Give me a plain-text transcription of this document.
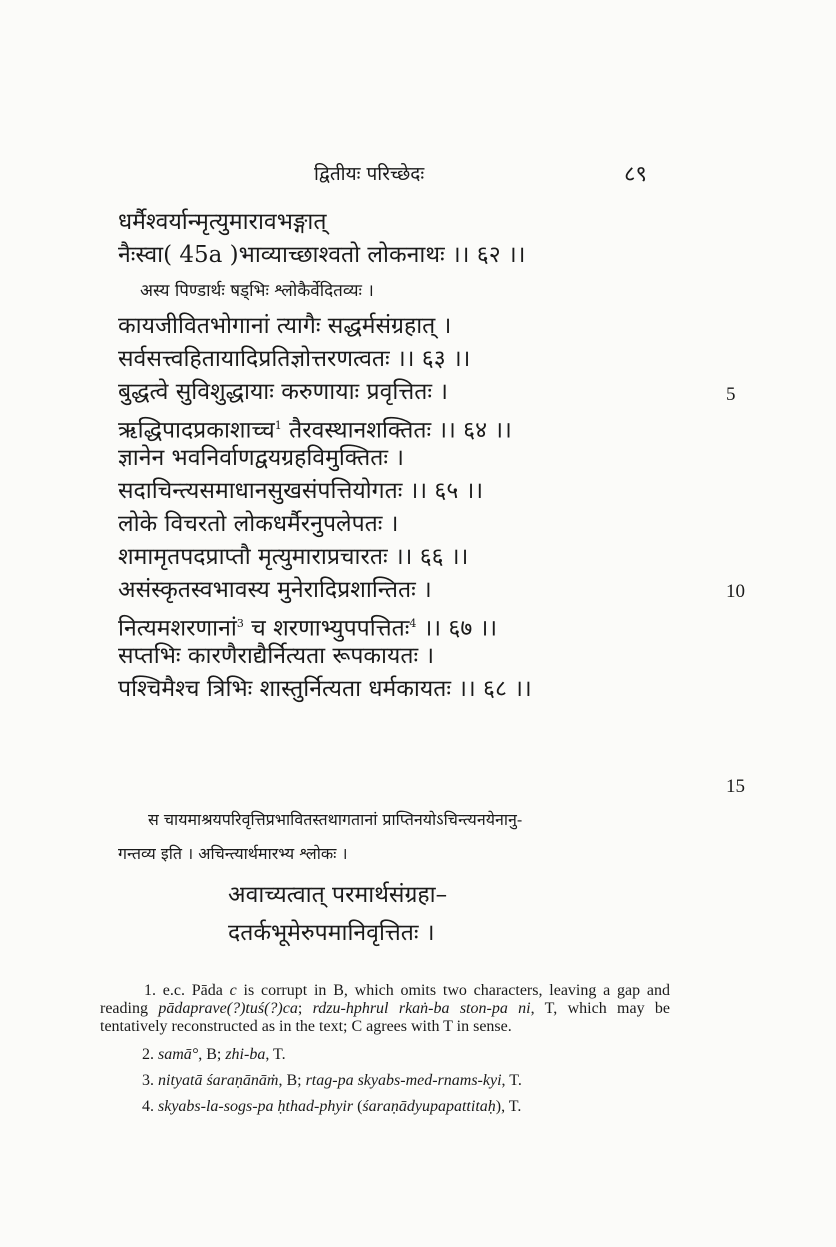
द्वितीयः परिच्छेदः	८९
धर्मैश्वर्यान्मृत्युमारावभङ्गात्
नैःस्वा( 45a )भाव्याच्छाश्वतो लोकनाथः ।। ६२ ।।
अस्य पिण्डार्थः षड्भिः श्लोकैर्वेदितव्यः ।
कायजीवितभोगानां त्यागैः सद्धर्मसंग्रहात् ।
सर्वसत्त्वहितायादिप्रतिज्ञोत्तरणत्वतः ।। ६३ ।।
बुद्धत्वे सुविशुद्धायाः करुणायाः प्रवृत्तितः ।
ऋद्धिपादप्रकाशाच्च$^1$ तैरवस्थानशक्तितः ।। ६४ ।।
ज्ञानेन भवनिर्वाणद्वयग्रहविमुक्तितः ।
सदाचिन्त्यसमाधानसुखसंपत्तियोगतः ।। ६५ ।।
लोके विचरतो लोकधर्मैरनुपलेपतः ।
शमामृतपदप्राप्तौ मृत्युमाराप्रचारतः ।। ६६ ।।
असंस्कृतस्वभावस्य मुनेरादिप्रशान्तितः ।
नित्यमशरणानां$^3$ च शरणाभ्युपपत्तितः$^4$ ।। ६७ ।।
सप्तभिः कारणैराद्यैर्नित्यता रूपकायतः ।
पश्चिमैश्च त्रिभिः शास्तुर्नित्यता धर्मकायतः ।। ६८ ।।
5
10
15
स चायमाश्रयपरिवृत्तिप्रभावितस्तथागतानां प्राप्तिनयोऽचिन्त्यनयेनानु-
गन्तव्य इति । अचिन्त्यार्थमारभ्य श्लोकः ।
अवाच्यत्वात् परमार्थसंग्रहा–
दतर्कभूमेरुपमानिवृत्तितः ।

1. e.c. Pāda c is corrupt in B, which omits two characters, leaving a gap and reading pādaprave(?)tuś(?)ca; rdzu-hphrul rkaṅ-ba ston-pa ni, T, which may be tentatively reconstructed as in the text; C agrees with T in sense.

2. samā°, B; zhi-ba, T.

3. nityatā śaraṇānāṁ, B; rtag-pa skyabs-med-rnams-kyi, T.

4. skyabs-la-sogs-pa ḥthad-phyir (śaraṇādyupapattitaḥ), T.
